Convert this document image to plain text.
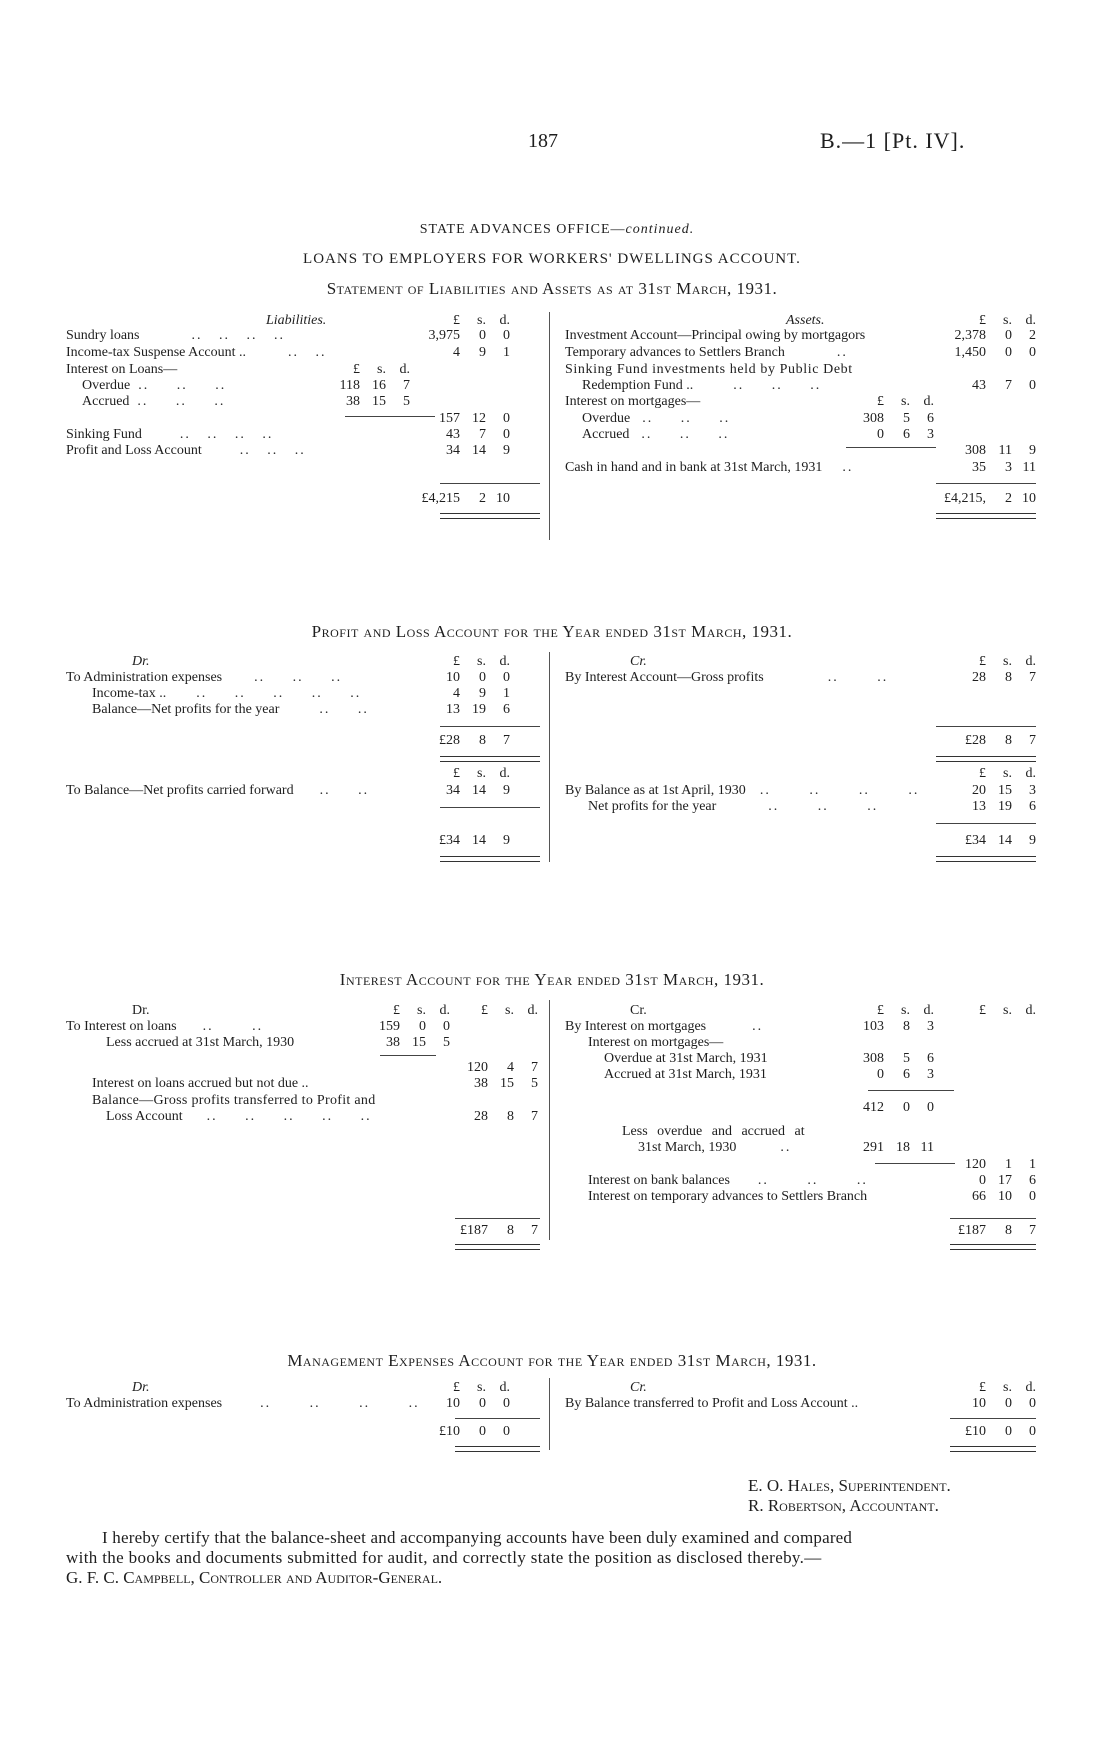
187	B.—1 [Pt. IV].
STATE ADVANCES OFFICE—continued.
LOANS TO EMPLOYERS FOR WORKERS' DWELLINGS ACCOUNT.
Statement of Liabilities and Assets as at 31st March, 1931.
Liabilities.	£ s. d.
Sundry loans	..   ..   ..   ..	3,975 0 0
Income-tax Suspense Account ..	..   ..	4 9 1
Interest on Loans—	£ s. d.
Overdue ..     ..     ..	118 16 7
Accrued ..     ..     ..	38 15 5
157 12 0
Sinking Fund	..   ..   ..   ..	43 7 0
Profit and Loss Account	..   ..   ..	34 14 9
£4,215 2 10
Assets.	£ s. d.
Investment Account—Principal owing by mortgagors	2,378 0 2
Temporary advances to Settlers Branch	..	1,450 0 0
Sinking Fund investments held by Public Debt
Redemption Fund ..	..     ..     ..	43 7 0
Interest on mortgages—	£ s. d.
Overdue ..     ..     ..	308 5 6
Accrued ..     ..     ..	0 6 3
308 11 9
Cash in hand and in bank at 31st March, 1931 ..	35 3 11
£4,215, 2 10
Profit and Loss Account for the Year ended 31st March, 1931.
Dr.	£ s. d.
To Administration expenses ..     ..     ..	10 0 0
Income-tax .. ..     ..     ..     ..     ..	4 9 1
Balance—Net profits for the year	..     ..	13 19 6
£28 8 7
£ s. d.
To Balance—Net profits carried forward ..     ..	34 14 9
£34 14 9
Cr.	£ s. d.
By Interest Account—Gross profits	..       ..	28 8 7
£28 8 7
£ s. d.
By Balance as at 1st April, 1930 ..       ..       ..       ..	20 15 3
Net profits for the year	..       ..       ..	13 19 6
£34 14 9
Interest Account for the Year ended 31st March, 1931.
Dr.	£ s. d.	£ s. d.
To Interest on loans ..       ..	159 0 0
Less accrued at 31st March, 1930	38 15 5
120 4 7
Interest on loans accrued but not due ..	38 15 5
Balance—Gross profits transferred to Profit and
Loss Account ..     ..     ..     ..     ..	28 8 7
£187 8 7
Cr.	£ s. d.	£ s. d.
By Interest on mortgages	..	103 8 3
Interest on mortgages—
Overdue at 31st March, 1931	308 5 6
Accrued at 31st March, 1931	0 6 3
412 0 0
Less overdue and accrued at
31st March, 1930	..	291 18 11
120 1 1
Interest on bank balances ..       ..       ..	0 17 6
Interest on temporary advances to Settlers Branch	66 10 0
£187 8 7
Management Expenses Account for the Year ended 31st March, 1931.
Dr.	£ s. d.
To Administration expenses	..       ..       ..       ..	10 0 0
£10 0 0
Cr.	£ s. d.
By Balance transferred to Profit and Loss Account ..	10 0 0
£10 0 0
E. O. Hales, Superintendent.
R. Robertson, Accountant.
I hereby certify that the balance-sheet and accompanying accounts have been duly examined and compared
with the books and documents submitted for audit, and correctly state the position as disclosed thereby.—
G. F. C. Campbell, Controller and Auditor-General.
